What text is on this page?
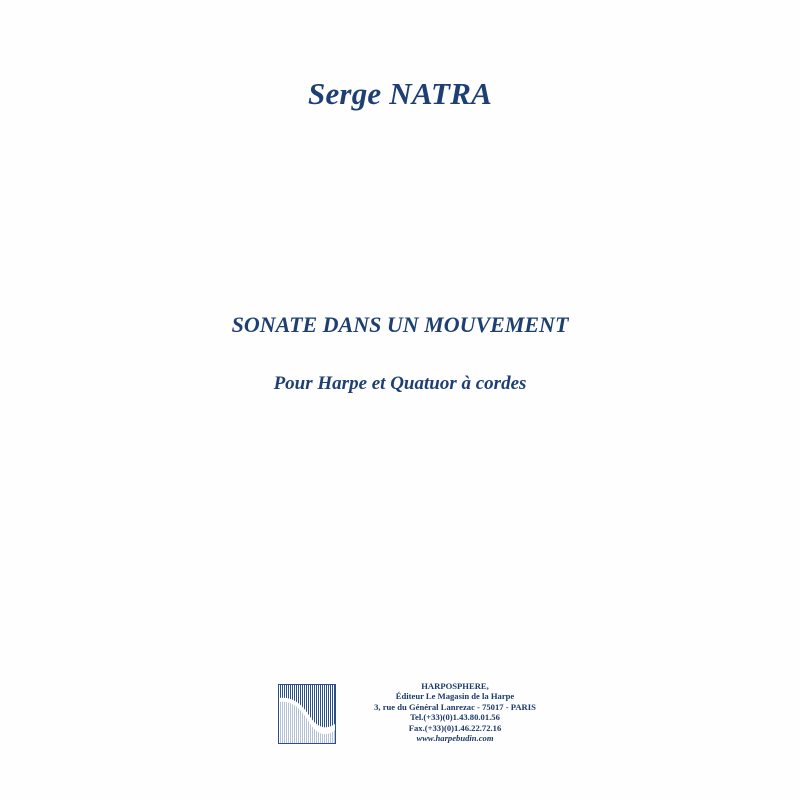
Serge NATRA
SONATE DANS UN MOUVEMENT
Pour Harpe et Quatuor à cordes
HARPOSPHERE,
Éditeur Le Magasin de la Harpe
3, rue du Général Lanrezac - 75017 - PARIS
Tel.(+33)(0)1.43.80.01.56
Fax.(+33)(0)1.46.22.72.16
www.harpebudin.com
